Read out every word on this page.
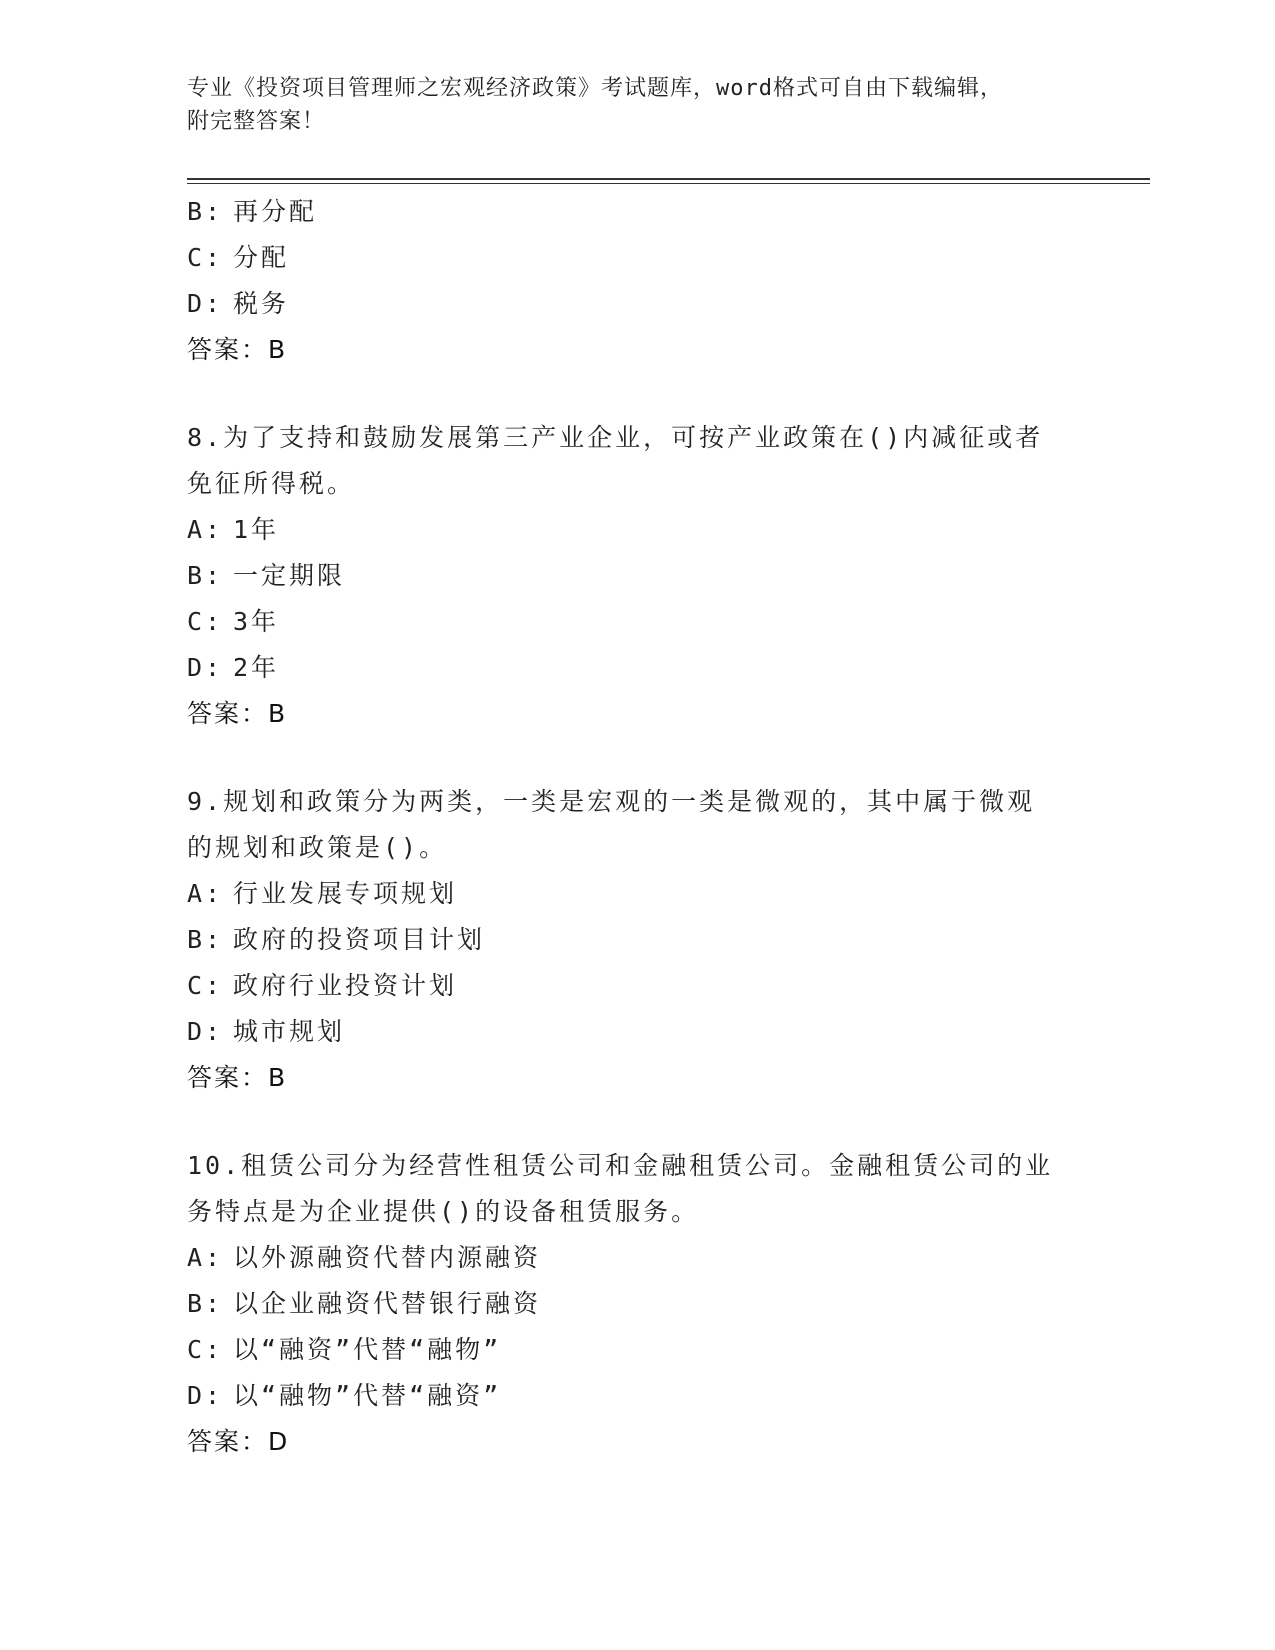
专业《投资项目管理师之宏观经济政策》考试题库，word格式可自由下载编辑，
附完整答案！
B: 再分配
C: 分配
D: 税务
答案：B
8.为了支持和鼓励发展第三产业企业，可按产业政策在()内减征或者
免征所得税。
A: 1年
B: 一定期限
C: 3年
D: 2年
答案：B
9.规划和政策分为两类，一类是宏观的一类是微观的，其中属于微观
的规划和政策是()。
A: 行业发展专项规划
B: 政府的投资项目计划
C: 政府行业投资计划
D: 城市规划
答案：B
10.租赁公司分为经营性租赁公司和金融租赁公司。金融租赁公司的业
务特点是为企业提供()的设备租赁服务。
A: 以外源融资代替内源融资
B: 以企业融资代替银行融资
C: 以“融资”代替“融物”
D: 以“融物”代替“融资”
答案：D
